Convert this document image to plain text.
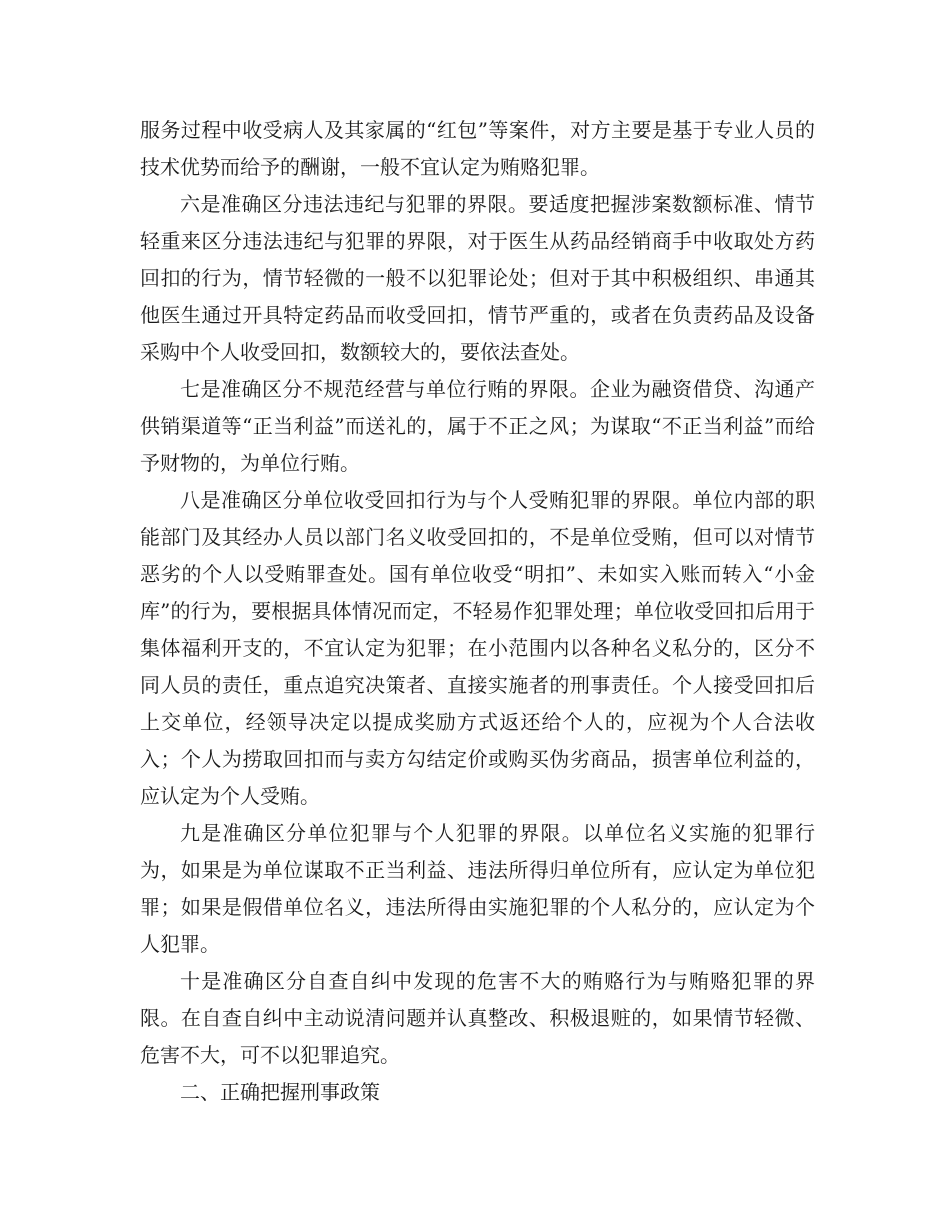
服务过程中收受病人及其家属的“红包”等案件，对方主要是基于专业人员的技术优势而给予的酬谢，一般不宜认定为贿赂犯罪。

六是准确区分违法违纪与犯罪的界限。要适度把握涉案数额标准、情节轻重来区分违法违纪与犯罪的界限，对于医生从药品经销商手中收取处方药回扣的行为，情节轻微的一般不以犯罪论处；但对于其中积极组织、串通其他医生通过开具特定药品而收受回扣，情节严重的，或者在负责药品及设备采购中个人收受回扣，数额较大的，要依法查处。

七是准确区分不规范经营与单位行贿的界限。企业为融资借贷、沟通产供销渠道等“正当利益”而送礼的，属于不正之风；为谋取“不正当利益”而给予财物的，为单位行贿。

八是准确区分单位收受回扣行为与个人受贿犯罪的界限。单位内部的职能部门及其经办人员以部门名义收受回扣的，不是单位受贿，但可以对情节恶劣的个人以受贿罪查处。国有单位收受“明扣”、未如实入账而转入“小金库”的行为，要根据具体情况而定，不轻易作犯罪处理；单位收受回扣后用于集体福利开支的，不宜认定为犯罪；在小范围内以各种名义私分的，区分不同人员的责任，重点追究决策者、直接实施者的刑事责任。个人接受回扣后上交单位，经领导决定以提成奖励方式返还给个人的，应视为个人合法收入；个人为捞取回扣而与卖方勾结定价或购买伪劣商品，损害单位利益的，应认定为个人受贿。

九是准确区分单位犯罪与个人犯罪的界限。以单位名义实施的犯罪行为，如果是为单位谋取不正当利益、违法所得归单位所有，应认定为单位犯罪；如果是假借单位名义，违法所得由实施犯罪的个人私分的，应认定为个人犯罪。

十是准确区分自查自纠中发现的危害不大的贿赂行为与贿赂犯罪的界限。在自查自纠中主动说清问题并认真整改、积极退赃的，如果情节轻微、危害不大，可不以犯罪追究。

二、正确把握刑事政策
